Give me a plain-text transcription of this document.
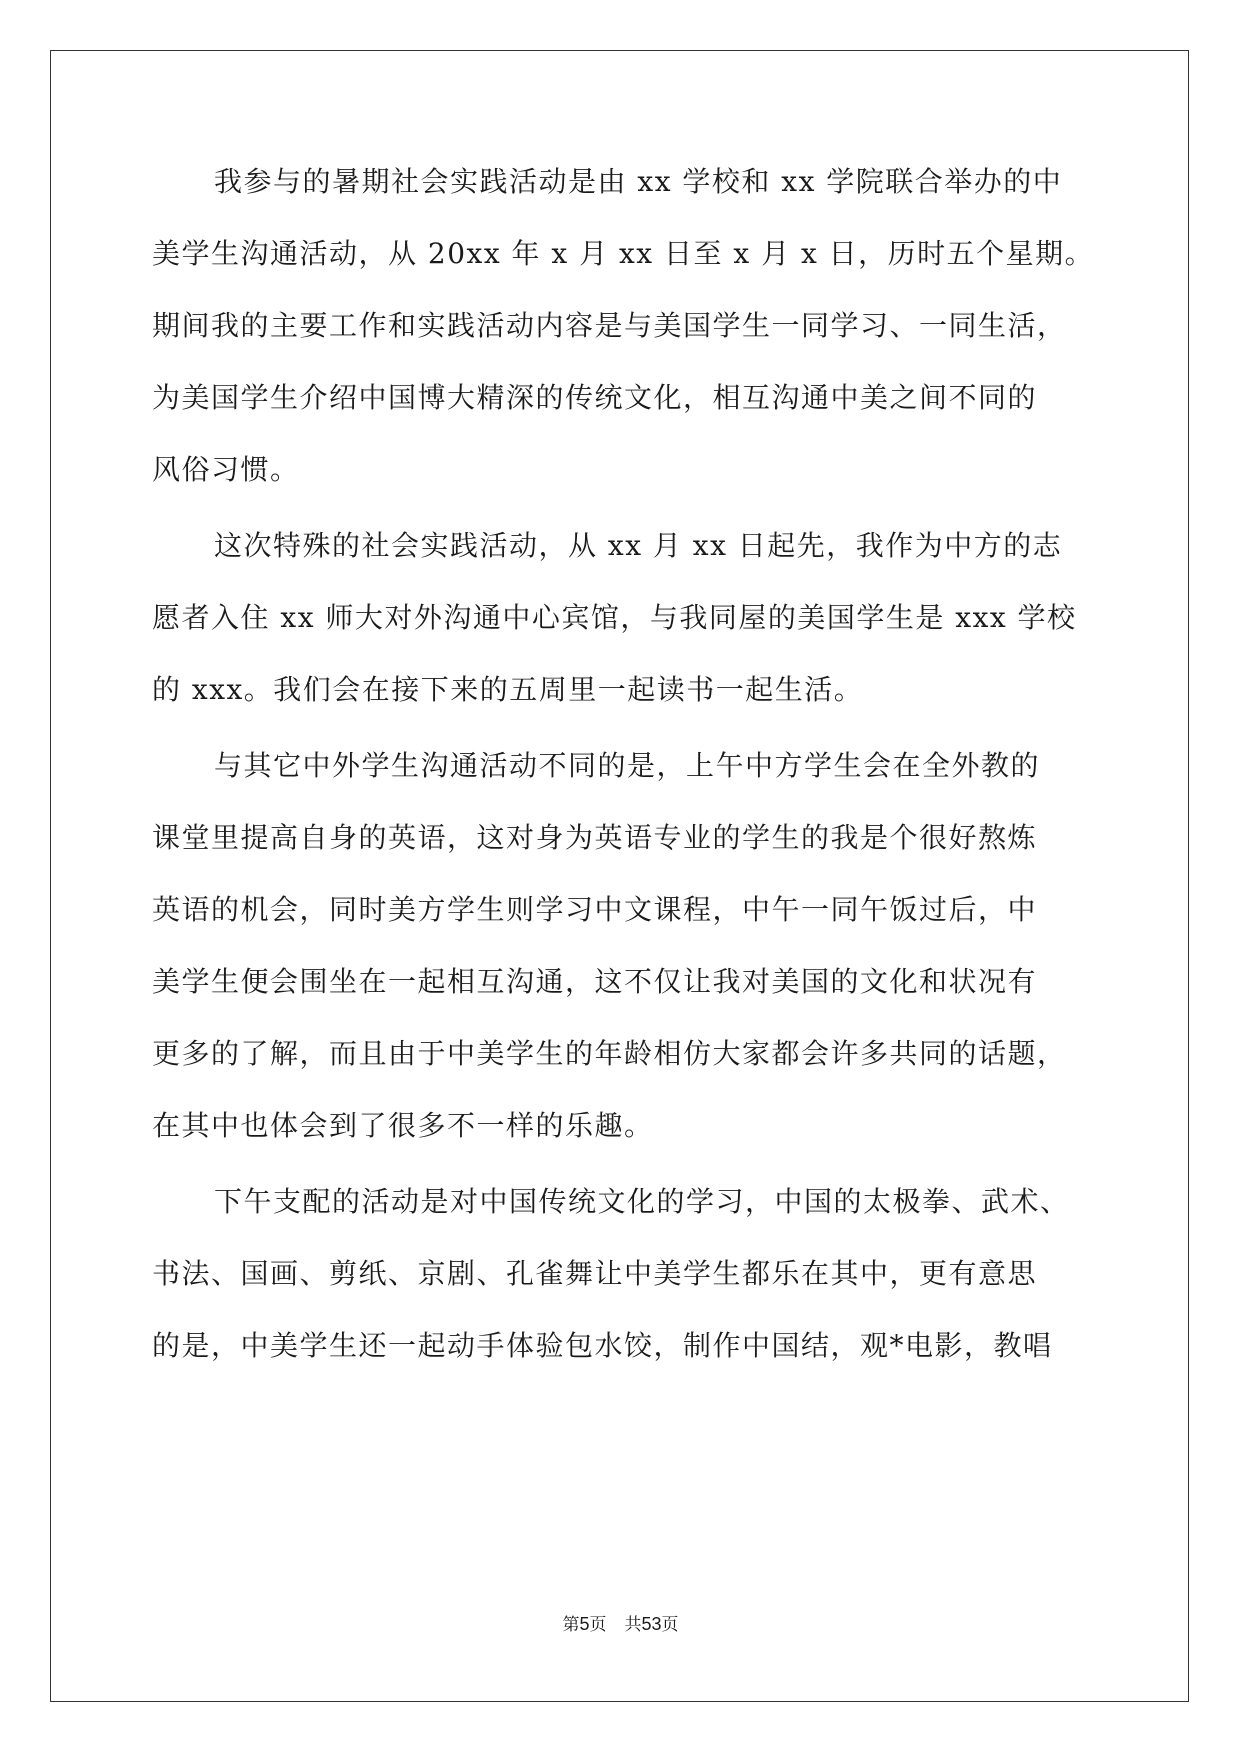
我参与的暑期社会实践活动是由 xx 学校和 xx 学院联合举办的中
美学生沟通活动，从 20xx 年 x 月 xx 日至 x 月 x 日，历时五个星期。
期间我的主要工作和实践活动内容是与美国学生一同学习、一同生活，
为美国学生介绍中国博大精深的传统文化，相互沟通中美之间不同的
风俗习惯。
这次特殊的社会实践活动，从 xx 月 xx 日起先，我作为中方的志
愿者入住 xx 师大对外沟通中心宾馆，与我同屋的美国学生是 xxx 学校
的 xxx。我们会在接下来的五周里一起读书一起生活。
与其它中外学生沟通活动不同的是，上午中方学生会在全外教的
课堂里提高自身的英语，这对身为英语专业的学生的我是个很好熬炼
英语的机会，同时美方学生则学习中文课程，中午一同午饭过后，中
美学生便会围坐在一起相互沟通，这不仅让我对美国的文化和状况有
更多的了解，而且由于中美学生的年龄相仿大家都会许多共同的话题，
在其中也体会到了很多不一样的乐趣。
下午支配的活动是对中国传统文化的学习，中国的太极拳、武术、
书法、国画、剪纸、京剧、孔雀舞让中美学生都乐在其中，更有意思
的是，中美学生还一起动手体验包水饺，制作中国结，观*电影，教唱
第5页 共53页
